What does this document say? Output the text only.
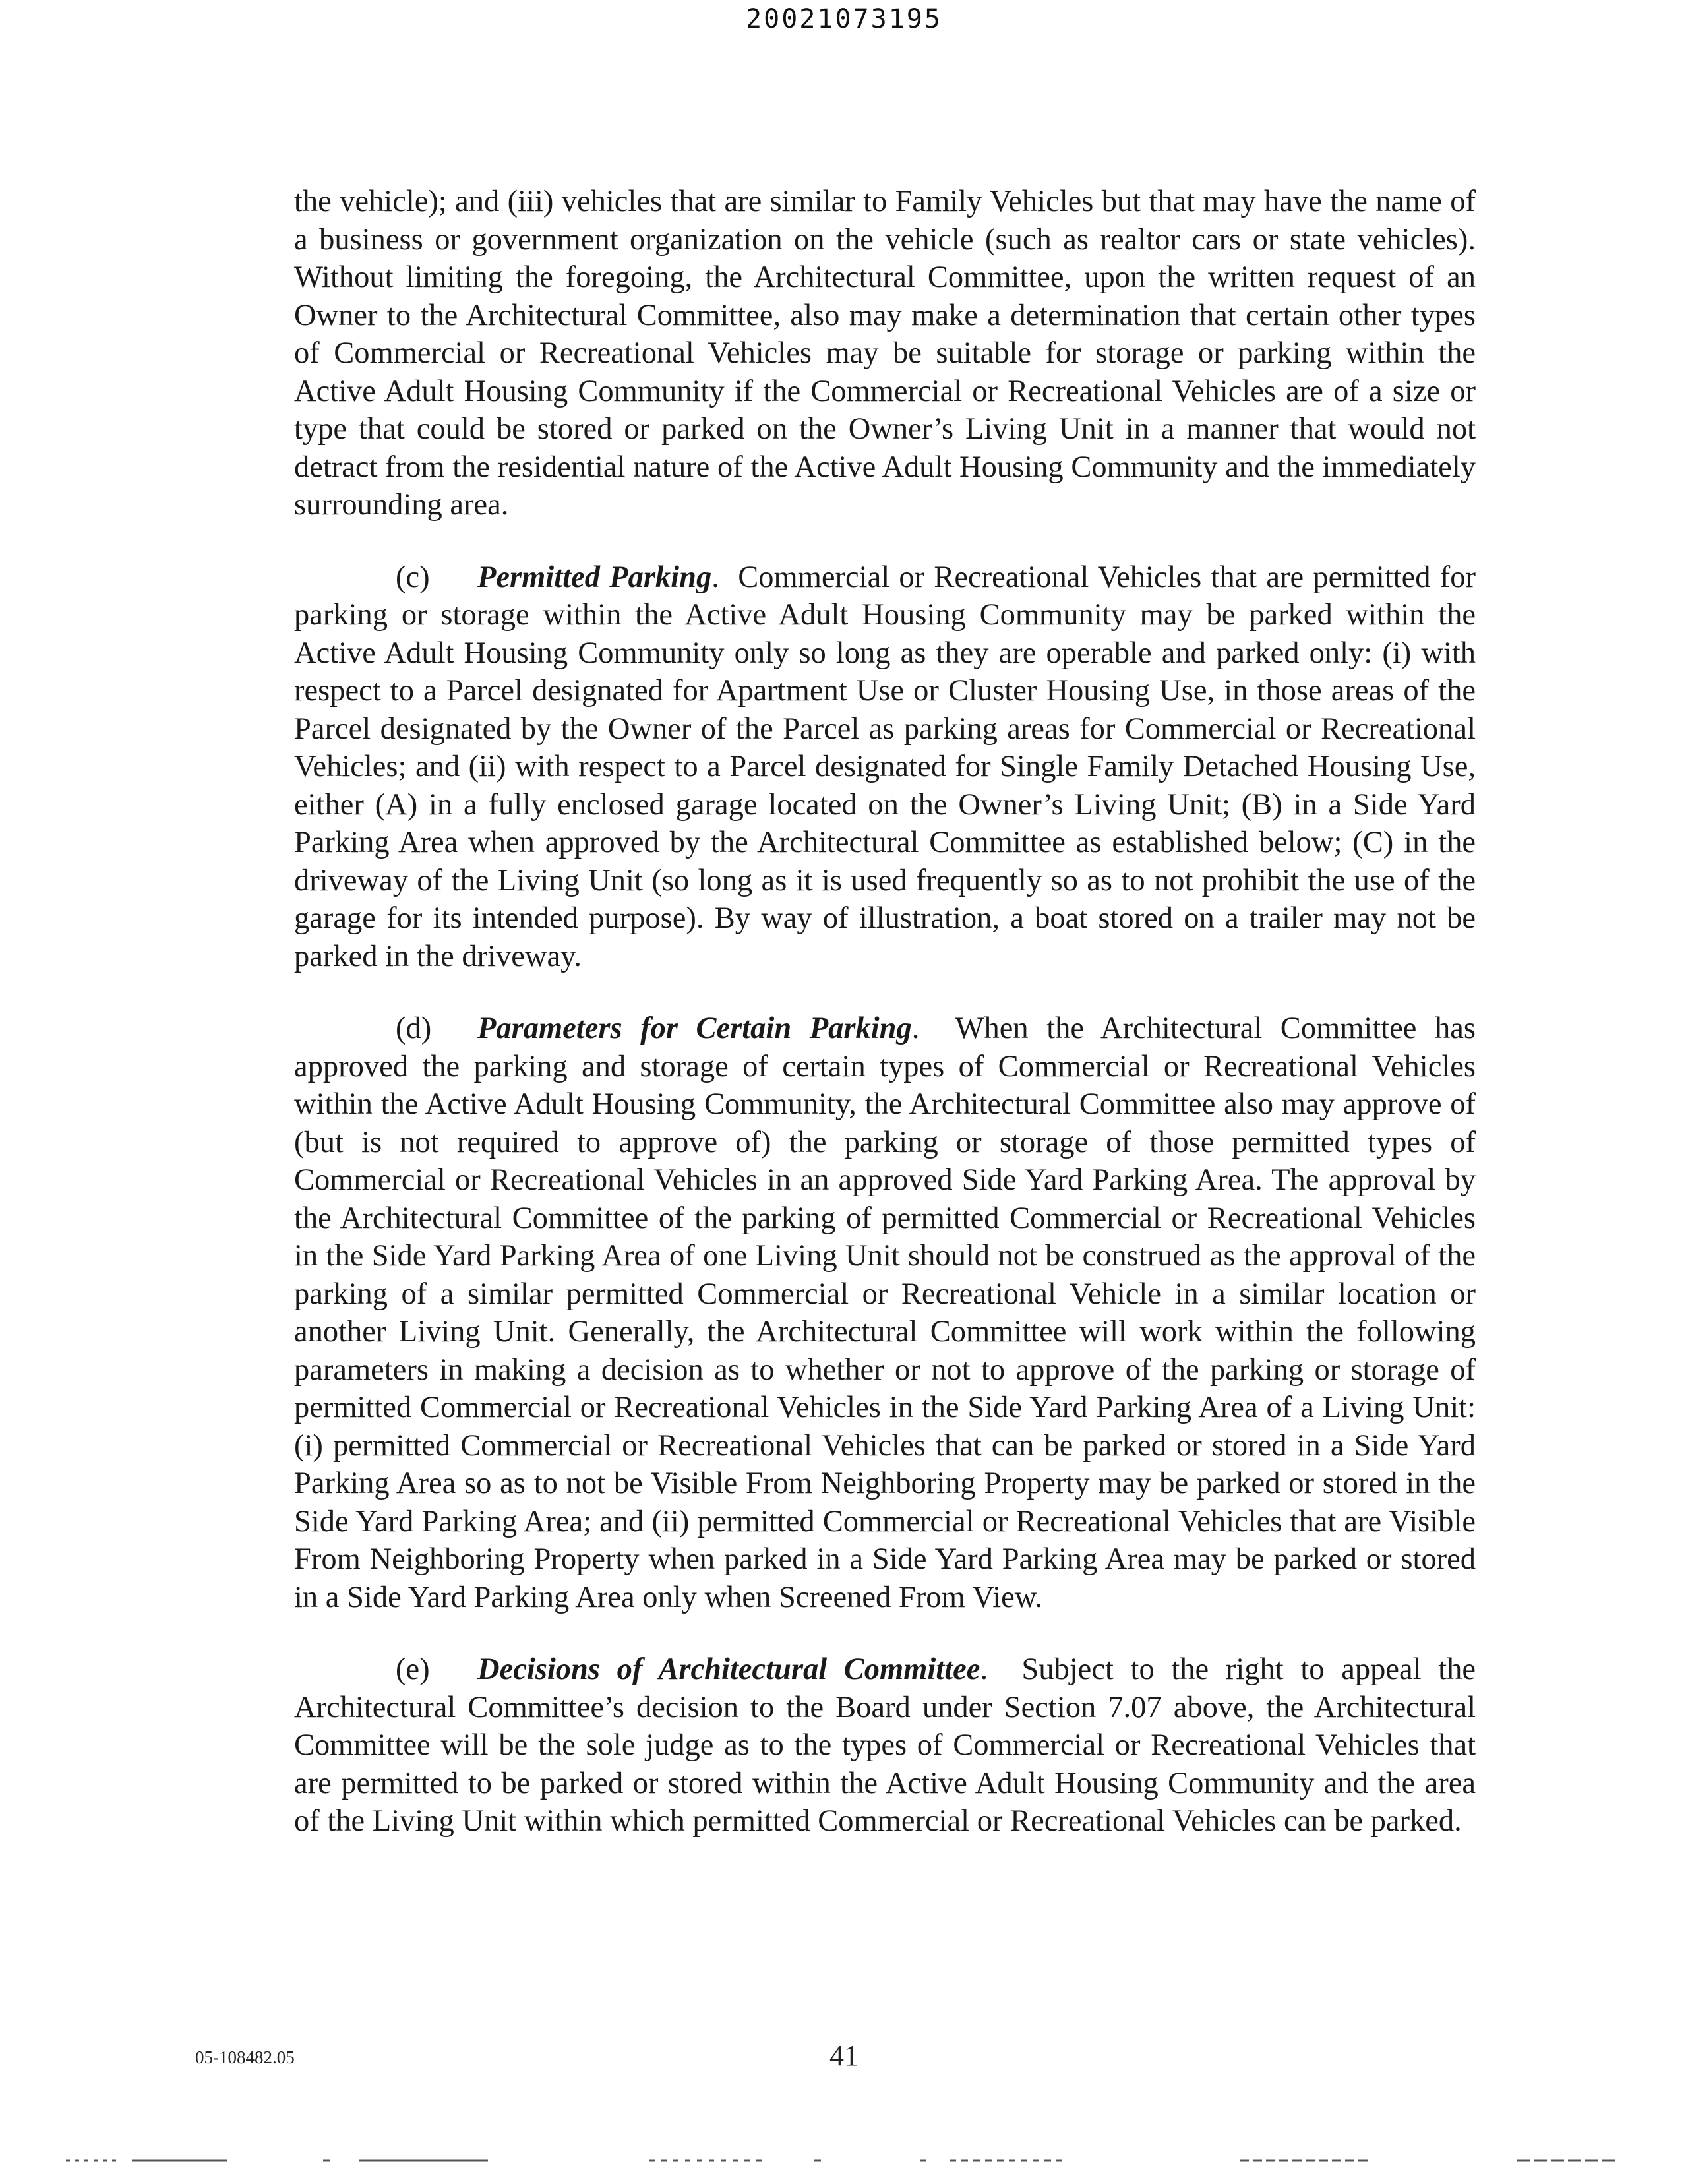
20021073195

the vehicle); and (iii) vehicles that are similar to Family Vehicles but that may have the name of a business or government organization on the vehicle (such as realtor cars or state vehicles). Without limiting the foregoing, the Architectural Committee, upon the written request of an Owner to the Architectural Committee, also may make a determination that certain other types of Commercial or Recreational Vehicles may be suitable for storage or parking within the Active Adult Housing Community if the Commercial or Recreational Vehicles are of a size or type that could be stored or parked on the Owner’s Living Unit in a manner that would not detract from the residential nature of the Active Adult Housing Community and the immediately surrounding area.

(c) Permitted Parking.  Commercial or Recreational Vehicles that are permitted for parking or storage within the Active Adult Housing Community may be parked within the Active Adult Housing Community only so long as they are operable and parked only: (i) with respect to a Parcel designated for Apartment Use or Cluster Housing Use, in those areas of the Parcel designated by the Owner of the Parcel as parking areas for Commercial or Recreational Vehicles; and (ii) with respect to a Parcel designated for Single Family Detached Housing Use, either (A) in a fully enclosed garage located on the Owner’s Living Unit; (B) in a Side Yard Parking Area when approved by the Architectural Committee as established below; (C) in the driveway of the Living Unit (so long as it is used frequently so as to not prohibit the use of the garage for its intended purpose). By way of illustration, a boat stored on a trailer may not be parked in the driveway.

(d) Parameters for Certain Parking.  When the Architectural Committee has approved the parking and storage of certain types of Commercial or Recreational Vehicles within the Active Adult Housing Community, the Architectural Committee also may approve of (but is not required to approve of) the parking or storage of those permitted types of Commercial or Recreational Vehicles in an approved Side Yard Parking Area. The approval by the Architectural Committee of the parking of permitted Commercial or Recreational Vehicles in the Side Yard Parking Area of one Living Unit should not be construed as the approval of the parking of a similar permitted Commercial or Recreational Vehicle in a similar location or another Living Unit. Generally, the Architectural Committee will work within the following parameters in making a decision as to whether or not to approve of the parking or storage of permitted Commercial or Recreational Vehicles in the Side Yard Parking Area of a Living Unit: (i) permitted Commercial or Recreational Vehicles that can be parked or stored in a Side Yard Parking Area so as to not be Visible From Neighboring Property may be parked or stored in the Side Yard Parking Area; and (ii) permitted Commercial or Recreational Vehicles that are Visible From Neighboring Property when parked in a Side Yard Parking Area may be parked or stored in a Side Yard Parking Area only when Screened From View.

(e) Decisions of Architectural Committee.  Subject to the right to appeal the Architectural Committee’s decision to the Board under Section 7.07 above, the Architectural Committee will be the sole judge as to the types of Commercial or Recreational Vehicles that are permitted to be parked or stored within the Active Adult Housing Community and the area of the Living Unit within which permitted Commercial or Recreational Vehicles can be parked.

05-108482.05	41
